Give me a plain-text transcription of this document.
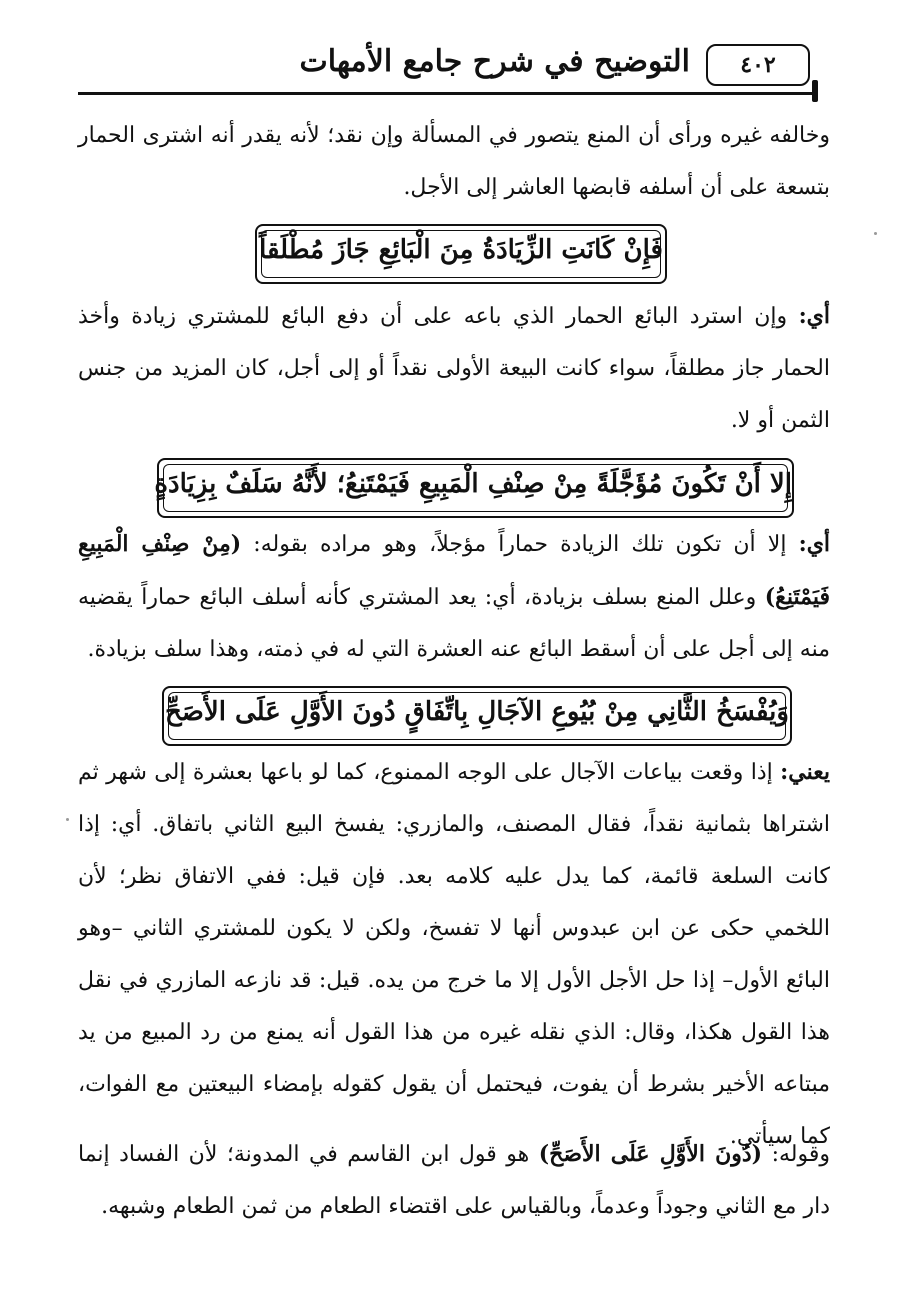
التوضيح في شرح جامع الأمهات	٤٠٢
وخالفه غيره ورأى أن المنع يتصور في المسألة وإن نقد؛ لأنه يقدر أنه اشترى الحمار بتسعة على أن أسلفه قابضها العاشر إلى الأجل.
فَإِنْ كَانَتِ الزِّيَادَةُ مِنَ الْبَائِعِ جَازَ مُطْلَقاً
أي: وإن استرد البائع الحمار الذي باعه على أن دفع البائع للمشتري زيادة وأخذ الحمار جاز مطلقاً، سواء كانت البيعة الأولى نقداً أو إلى أجل، كان المزيد من جنس الثمن أو لا.
إِلا أَنْ تَكُونَ مُؤَجَّلَةً مِنْ صِنْفِ الْمَبِيعِ فَيَمْتَنِعُ؛ لأَنَّهُ سَلَفٌ بِزِيَادَةٍ
أي: إلا أن تكون تلك الزيادة حماراً مؤجلاً، وهو مراده بقوله: (مِنْ صِنْفِ الْمَبِيعِ فَيَمْتَنِعُ) وعلل المنع بسلف بزيادة، أي: يعد المشتري كأنه أسلف البائع حماراً يقضيه منه إلى أجل على أن أسقط البائع عنه العشرة التي له في ذمته، وهذا سلف بزيادة.
وَيُفْسَخُ الثَّانِي مِنْ بُيُوعِ الآجَالِ بِاتِّفَاقٍ دُونَ الأَوَّلِ عَلَى الأَصَحِّ
يعني: إذا وقعت بياعات الآجال على الوجه الممنوع، كما لو باعها بعشرة إلى شهر ثم اشتراها بثمانية نقداً، فقال المصنف، والمازري: يفسخ البيع الثاني باتفاق. أي: إذا كانت السلعة قائمة، كما يدل عليه كلامه بعد. فإن قيل: ففي الاتفاق نظر؛ لأن اللخمي حكى عن ابن عبدوس أنها لا تفسخ، ولكن لا يكون للمشتري الثاني –وهو البائع الأول– إذا حل الأجل الأول إلا ما خرج من يده. قيل: قد نازعه المازري في نقل هذا القول هكذا، وقال: الذي نقله غيره من هذا القول أنه يمنع من رد المبيع من يد مبتاعه الأخير بشرط أن يفوت، فيحتمل أن يقول كقوله بإمضاء البيعتين مع الفوات، كما سيأتي.
وقوله: (دُونَ الأَوَّلِ عَلَى الأَصَحِّ) هو قول ابن القاسم في المدونة؛ لأن الفساد إنما دار مع الثاني وجوداً وعدماً، وبالقياس على اقتضاء الطعام من ثمن الطعام وشبهه.
